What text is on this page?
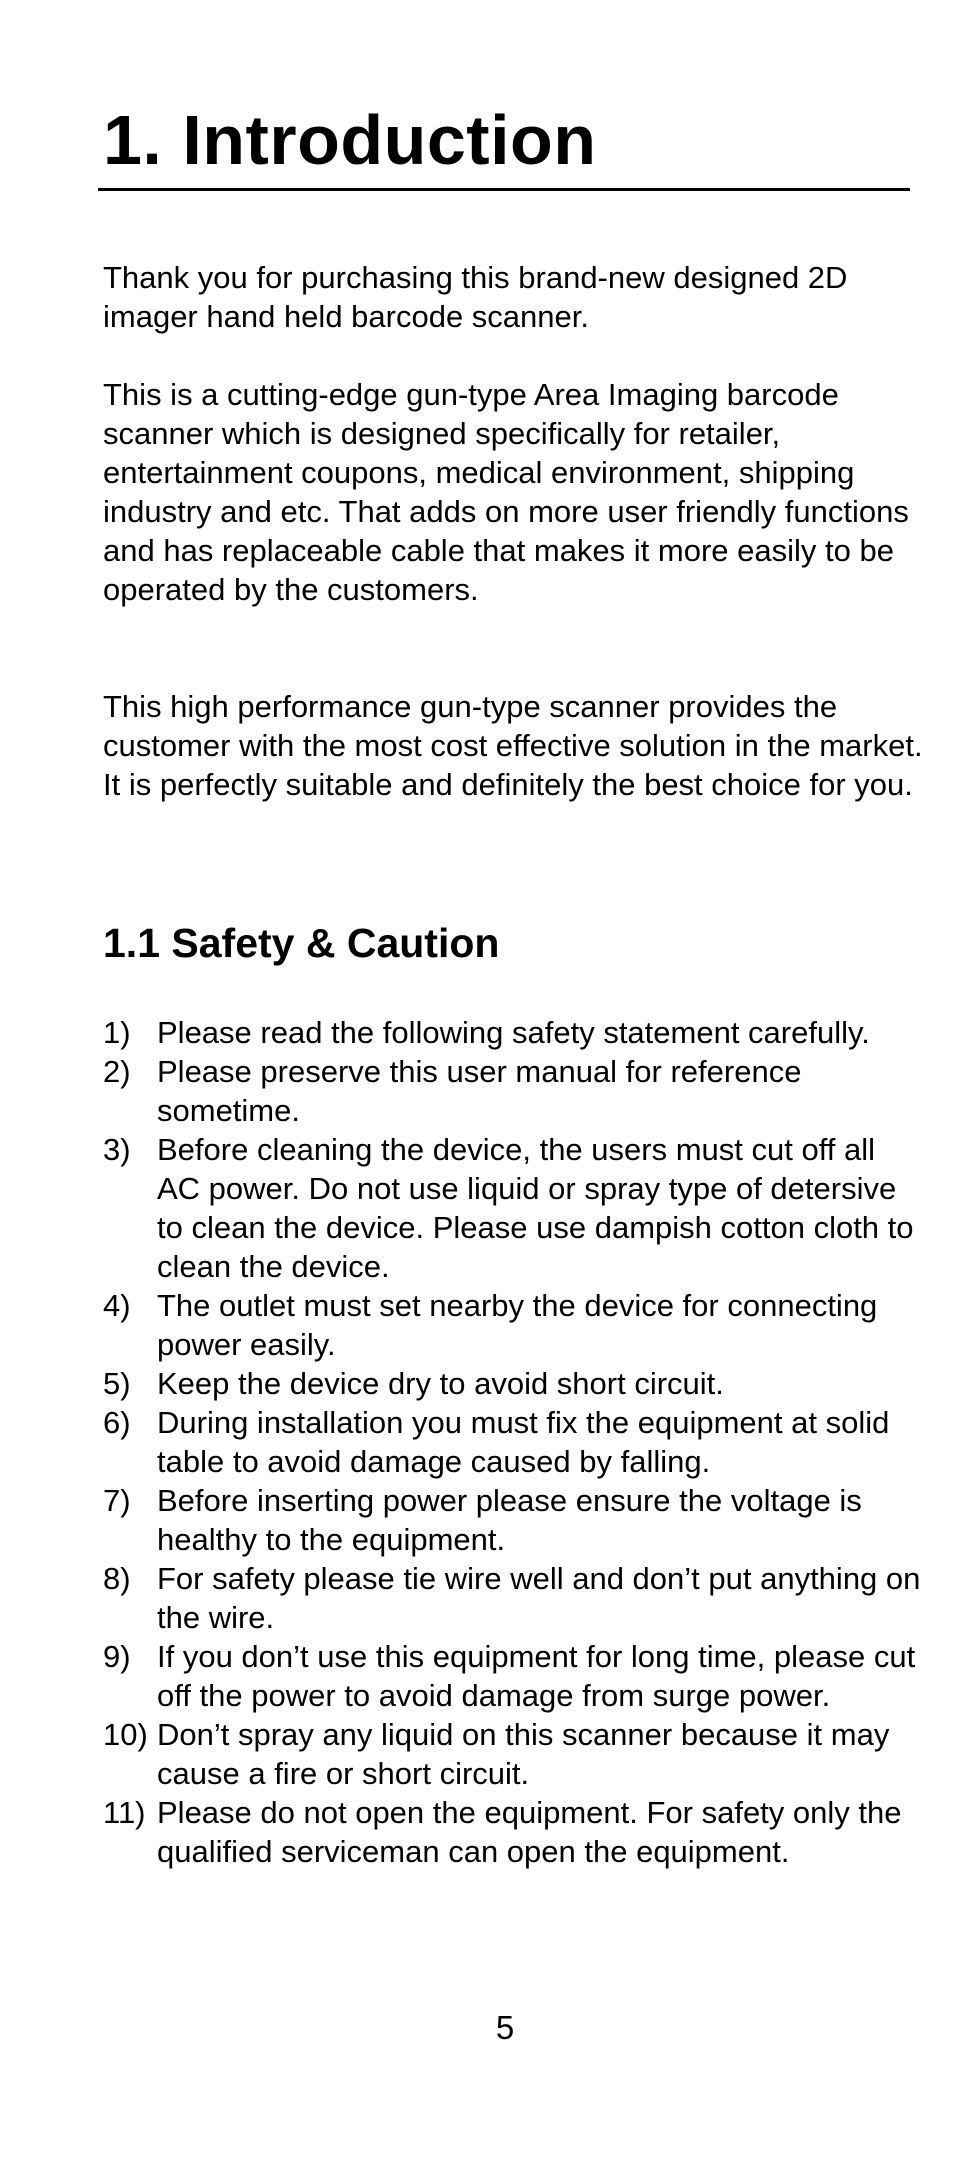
1. Introduction

Thank you for purchasing this brand-new designed 2D imager hand held barcode scanner.

This is a cutting-edge gun-type Area Imaging barcode scanner which is designed specifically for retailer, entertainment coupons, medical environment, shipping industry and etc. That adds on more user friendly functions and has replaceable cable that makes it more easily to be operated by the customers.

This high performance gun-type scanner provides the customer with the most cost effective solution in the market. It is perfectly suitable and definitely the best choice for you.

1.1 Safety & Caution
1) Please read the following safety statement carefully.
2) Please preserve this user manual for reference sometime.
3) Before cleaning the device, the users must cut off all AC power. Do not use liquid or spray type of detersive to clean the device. Please use dampish cotton cloth to clean the device.
4) The outlet must set nearby the device for connecting power easily.
5) Keep the device dry to avoid short circuit.
6) During installation you must fix the equipment at solid table to avoid damage caused by falling.
7) Before inserting power please ensure the voltage is healthy to the equipment.
8) For safety please tie wire well and don’t put anything on the wire.
9) If you don’t use this equipment for long time, please cut off the power to avoid damage from surge power.
10) Don’t spray any liquid on this scanner because it may cause a fire or short circuit.
11) Please do not open the equipment. For safety only the qualified serviceman can open the equipment.
5
